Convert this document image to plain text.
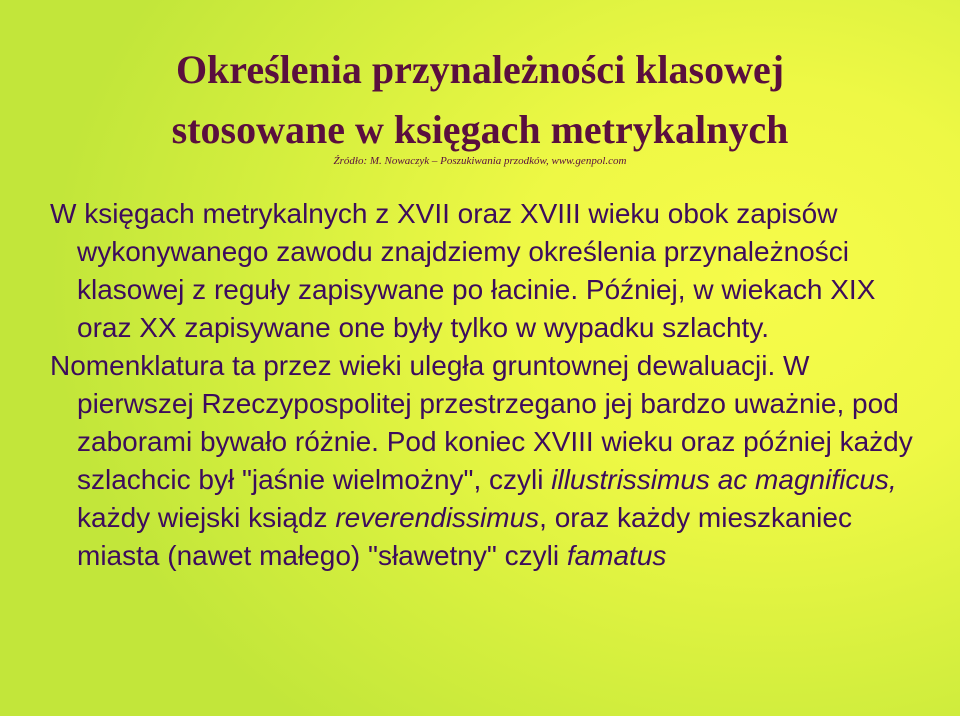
Określenia przynależności klasowej
stosowane w księgach metrykalnych
Źródło: M. Nowaczyk – Poszukiwania przodków, www.genpol.com

W księgach metrykalnych z XVII oraz XVIII wieku obok zapisów wykonywanego zawodu znajdziemy określenia przynależności klasowej z reguły zapisywane po łacinie. Później, w wiekach XIX oraz XX zapisywane one były tylko w wypadku szlachty.

Nomenklatura ta przez wieki uległa gruntownej dewaluacji. W pierwszej Rzeczypospolitej przestrzegano jej bardzo uważnie, pod zaborami bywało różnie. Pod koniec XVIII wieku oraz później każdy szlachcic był "jaśnie wielmożny", czyli illustrissimus ac magnificus, każdy wiejski ksiądz reverendissimus, oraz każdy mieszkaniec miasta (nawet małego) "sławetny" czyli famatus
